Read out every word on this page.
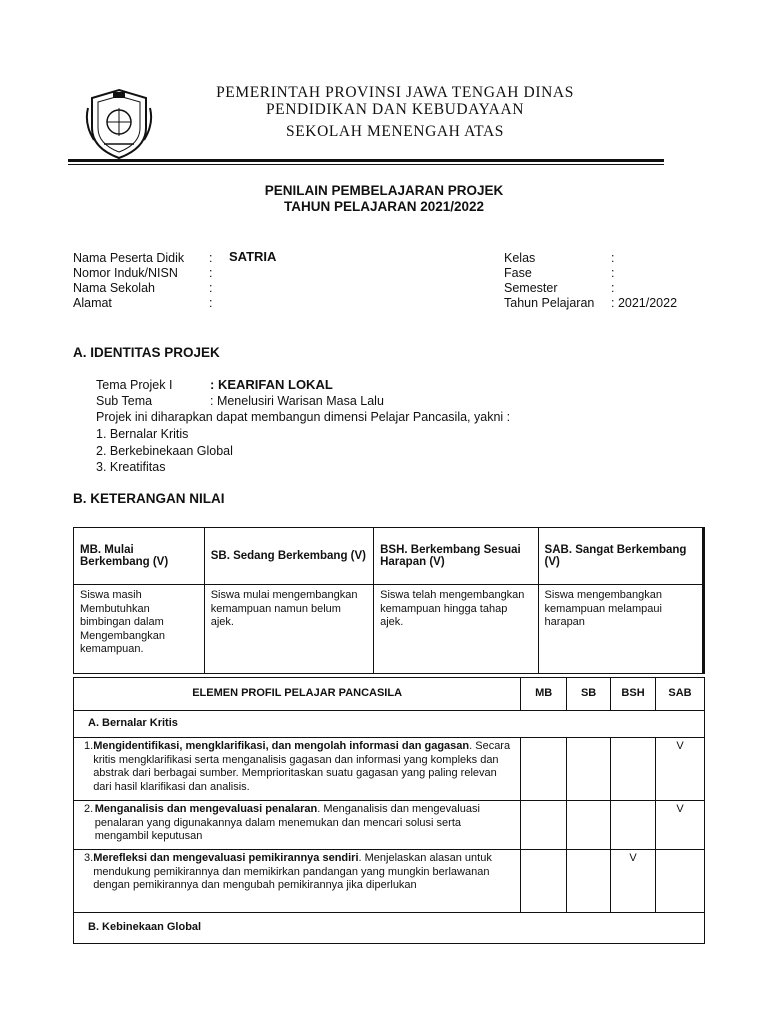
PEMERINTAH PROVINSI JAWA TENGAH DINAS
PENDIDIKAN DAN KEBUDAYAAN
SEKOLAH MENENGAH ATAS
PENILAIN PEMBELAJARAN PROJEK
TAHUN PELAJARAN 2021/2022
Nama Peserta Didik : SATRIA
Nomor Induk/NISN :
Nama Sekolah	:
Alamat	:
Kelas	:
Fase	:
Semester	:
Tahun Pelajaran : 2021/2022
A. IDENTITAS PROJEK
Tema Projek I	: KEARIFAN LOKAL
Sub Tema	: Menelusiri Warisan Masa Lalu
Projek ini diharapkan dapat membangun dimensi Pelajar Pancasila, yakni :
1. Bernalar Kritis
2. Berkebinekaan Global
3. Kreatifitas
B. KETERANGAN NILAI
MB. Mulai Berkembang (V)	SB. Sedang Berkembang (V)	BSH. Berkembang Sesuai Harapan (V)	SAB. Sangat Berkembang (V)
Siswa masih Membutuhkan bimbingan dalam Mengembangkan kemampuan.	Siswa mulai mengembangkan kemampuan namun belum ajek.	Siswa telah mengembangkan kemampuan hingga tahap ajek.	Siswa mengembangkan kemampuan melampaui harapan
ELEMEN PROFIL PELAJAR PANCASILA	MB	SB	BSH	SAB
A. Bernalar Kritis				

1. Mengidentifikasi, mengklarifikasi, dan mengolah informasi dan gagasan. Secara kritis mengklarifikasi serta menganalisis gagasan dan informasi yang kompleks dan abstrak dari berbagai sumber. Memprioritaskan suatu gagasan yang paling relevan dari hasil klarifikasi dan analisis.				V

2. Menganalisis dan mengevaluasi penalaran. Menganalisis dan mengevaluasi penalaran yang digunakannya dalam menemukan dan mencari solusi serta mengambil keputusan				V

3. Merefleksi dan mengevaluasi pemikirannya sendiri. Menjelaskan alasan untuk mendukung pemikirannya dan memikirkan pandangan yang mungkin berlawanan dengan pemikirannya dan mengubah pemikirannya jika diperlukan			V	
B. Kebinekaan Global				
